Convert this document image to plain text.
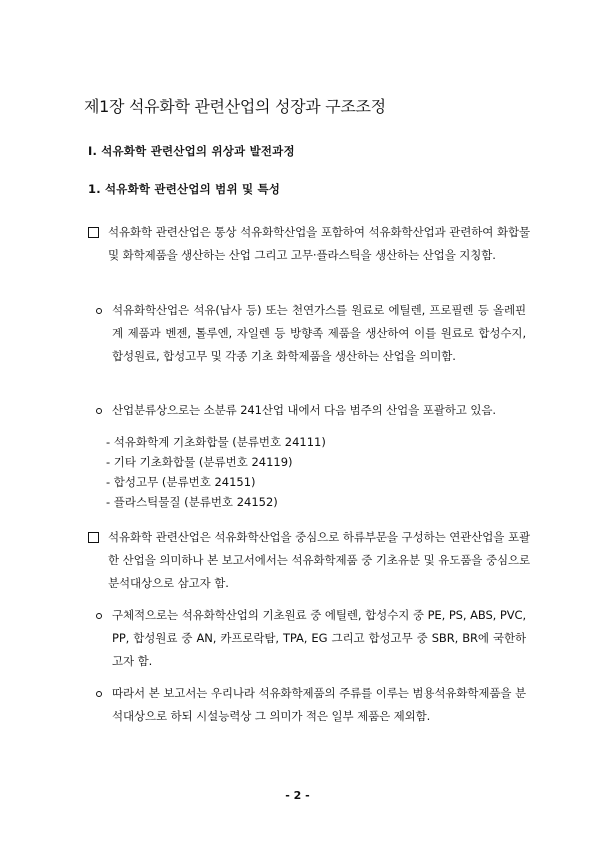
제1장 석유화학 관련산업의 성장과 구조조정
Ⅰ. 석유화학 관련산업의 위상과 발전과정
1. 석유화학 관련산업의 범위 및 특성
석유화학 관련산업은 통상 석유화학산업을 포함하여 석유화학산업과 관련하여 화합물 및 화학제품을 생산하는 산업 그리고 고무·플라스틱을 생산하는 산업을 지칭함.
석유화학산업은 석유(납사 등) 또는 천연가스를 원료로 에틸렌, 프로필렌 등 올레핀계 제품과 벤젠, 톨루엔, 자일렌 등 방향족 제품을 생산하여 이를 원료로 합성수지, 합성원료, 합성고무 및 각종 기초 화학제품을 생산하는 산업을 의미함.
산업분류상으로는 소분류 241산업 내에서 다음 범주의 산업을 포괄하고 있음.
- 석유화학계 기초화합물 (분류번호 24111)
- 기타 기초화합물 (분류번호 24119)
- 합성고무 (분류번호 24151)
- 플라스틱물질 (분류번호 24152)
석유화학 관련산업은 석유화학산업을 중심으로 하류부문을 구성하는 연관산업을 포괄한 산업을 의미하나 본 보고서에서는 석유화학제품 중 기초유분 및 유도품을 중심으로 분석대상으로 삼고자 함.
구체적으로는 석유화학산업의 기초원료 중 에틸렌, 합성수지 중 PE, PS, ABS, PVC, PP, 합성원료 중 AN, 카프로락탐, TPA, EG 그리고 합성고무 중 SBR, BR에 국한하고자 함.
따라서 본 보고서는 우리나라 석유화학제품의 주류를 이루는 범용석유화학제품을 분석대상으로 하되 시설능력상 그 의미가 적은 일부 제품은 제외함.
- 2 -
